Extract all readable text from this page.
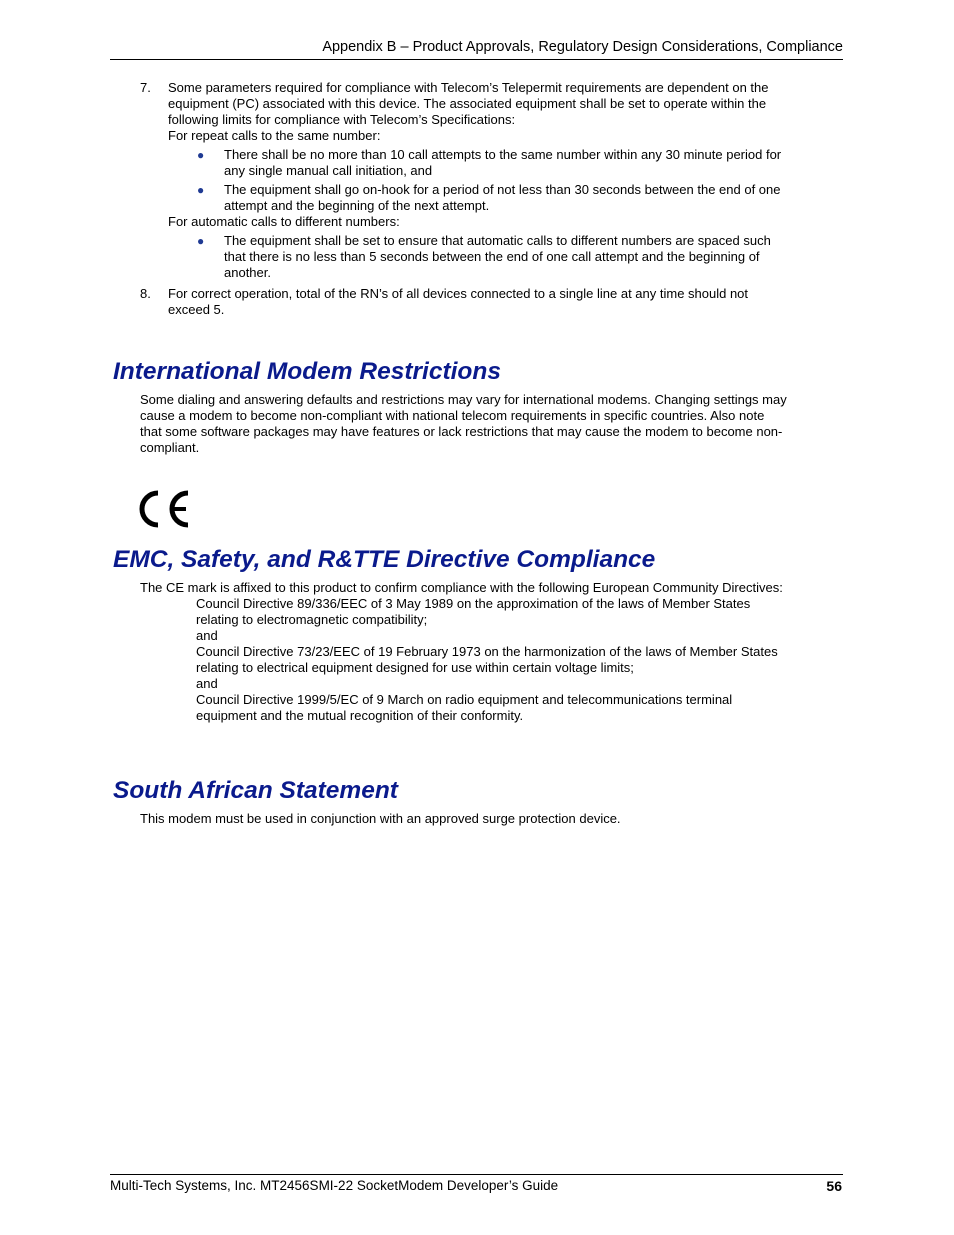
Appendix B – Product Approvals, Regulatory Design Considerations, Compliance
7.	Some parameters required for compliance with Telecom’s Telepermit requirements are dependent on the
equipment (PC) associated with this device. The associated equipment shall be set to operate within the
following limits for compliance with Telecom’s Specifications:
For repeat calls to the same number:
● There shall be no more than 10 call attempts to the same number within any 30 minute period for
any single manual call initiation, and
● The equipment shall go on-hook for a period of not less than 30 seconds between the end of one
attempt and the beginning of the next attempt.
For automatic calls to different numbers:
● The equipment shall be set to ensure that automatic calls to different numbers are spaced such
that there is no less than 5 seconds between the end of one call attempt and the beginning of
another.
8.	For correct operation, total of the RN’s of all devices connected to a single line at any time should not
exceed 5.
International Modem Restrictions
Some dialing and answering defaults and restrictions may vary for international modems. Changing settings may
cause a modem to become non-compliant with national telecom requirements in specific countries. Also note
that some software packages may have features or lack restrictions that may cause the modem to become non-
compliant.
EMC, Safety, and R&TTE Directive Compliance
The CE mark is affixed to this product to confirm compliance with the following European Community Directives:
Council Directive 89/336/EEC of 3 May 1989 on the approximation of the laws of Member States
relating to electromagnetic compatibility;
and
Council Directive 73/23/EEC of 19 February 1973 on the harmonization of the laws of Member States
relating to electrical equipment designed for use within certain voltage limits;
and
Council Directive 1999/5/EC of 9 March on radio equipment and telecommunications terminal
equipment and the mutual recognition of their conformity.
South African Statement
This modem must be used in conjunction with an approved surge protection device.
Multi-Tech Systems, Inc. MT2456SMI-22 SocketModem Developer’s Guide	56
